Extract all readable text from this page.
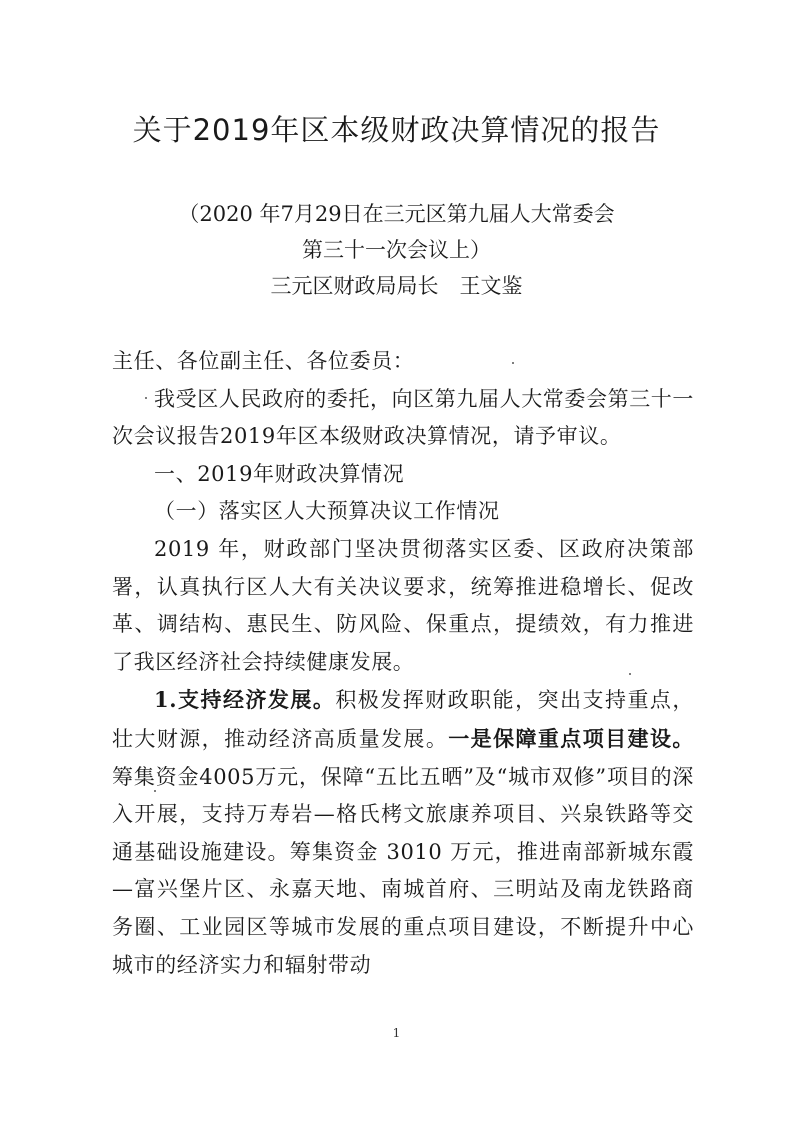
关于2019年区本级财政决算情况的报告
（2020 年7月29日在三元区第九届人大常委会
第三十一次会议上）
三元区财政局局长　王文鉴

主任、各位副主任、各位委员：

我受区人民政府的委托，向区第九届人大常委会第三十一次会议报告2019年区本级财政决算情况，请予审议。

一、2019年财政决算情况

（一）落实区人大预算决议工作情况

2019 年，财政部门坚决贯彻落实区委、区政府决策部署，认真执行区人大有关决议要求，统筹推进稳增长、促改革、调结构、惠民生、防风险、保重点，提绩效，有力推进了我区经济社会持续健康发展。

1.支持经济发展。积极发挥财政职能，突出支持重点，壮大财源，推动经济高质量发展。一是保障重点项目建设。筹集资金4005万元，保障“五比五晒”及“城市双修”项目的深入开展，支持万寿岩—格氏栲文旅康养项目、兴泉铁路等交通基础设施建设。筹集资金 3010 万元，推进南部新城东霞—富兴堡片区、永嘉天地、南城首府、三明站及南龙铁路商务圈、工业园区等城市发展的重点项目建设，不断提升中心城市的经济实力和辐射带动

1
